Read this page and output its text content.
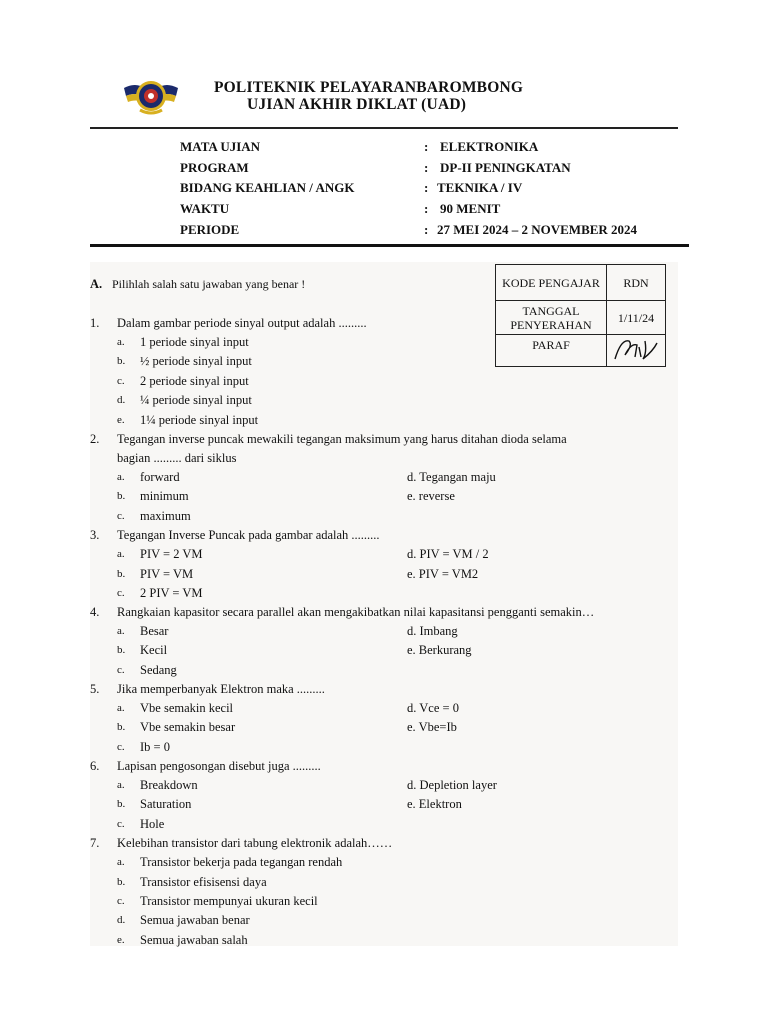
POLITEKNIK PELAYARANBAROMBONG
UJIAN AKHIR DIKLAT (UAD)
MATA UJIAN	: ELEKTRONIKA
PROGRAM	: DP-II PENINGKATAN
BIDANG KEAHLIAN / ANGK	: TEKNIKA / IV
WAKTU	: 90 MENIT
PERIODE	: 27 MEI 2024 – 2 NOVEMBER 2024
KODE PENGAJAR	RDN
TANGGAL PENYERAHAN	1/11/24
PARAF	
A. Pilihlah salah satu jawaban yang benar !
1. Dalam gambar periode sinyal output adalah .........
a. 1 periode sinyal input
b. ½ periode sinyal input
c. 2 periode sinyal input
d. ¼ periode sinyal input
e. 1¼ periode sinyal input
2. Tegangan inverse puncak mewakili tegangan maksimum yang harus ditahan dioda selama
bagian ......... dari siklus
a. forward	d. Tegangan maju
b. minimum	e. reverse
c. maximum
3. Tegangan Inverse Puncak pada gambar adalah .........
a. PIV = 2 VM	d. PIV = VM / 2
b. PIV = VM	e. PIV = VM2
c. 2 PIV = VM
4. Rangkaian kapasitor secara parallel akan mengakibatkan nilai kapasitansi pengganti semakin…
a. Besar	d. Imbang
b. Kecil	e. Berkurang
c. Sedang
5. Jika memperbanyak Elektron maka .........
a. Vbe semakin kecil	d. Vce = 0
b. Vbe semakin besar	e. Vbe=Ib
c. Ib = 0
6. Lapisan pengosongan disebut juga .........
a. Breakdown	d. Depletion layer
b. Saturation	e. Elektron
c. Hole
7. Kelebihan transistor dari tabung elektronik adalah……
a. Transistor bekerja pada tegangan rendah
b. Transistor efisisensi daya
c. Transistor mempunyai ukuran kecil
d. Semua jawaban benar
e. Semua jawaban salah
